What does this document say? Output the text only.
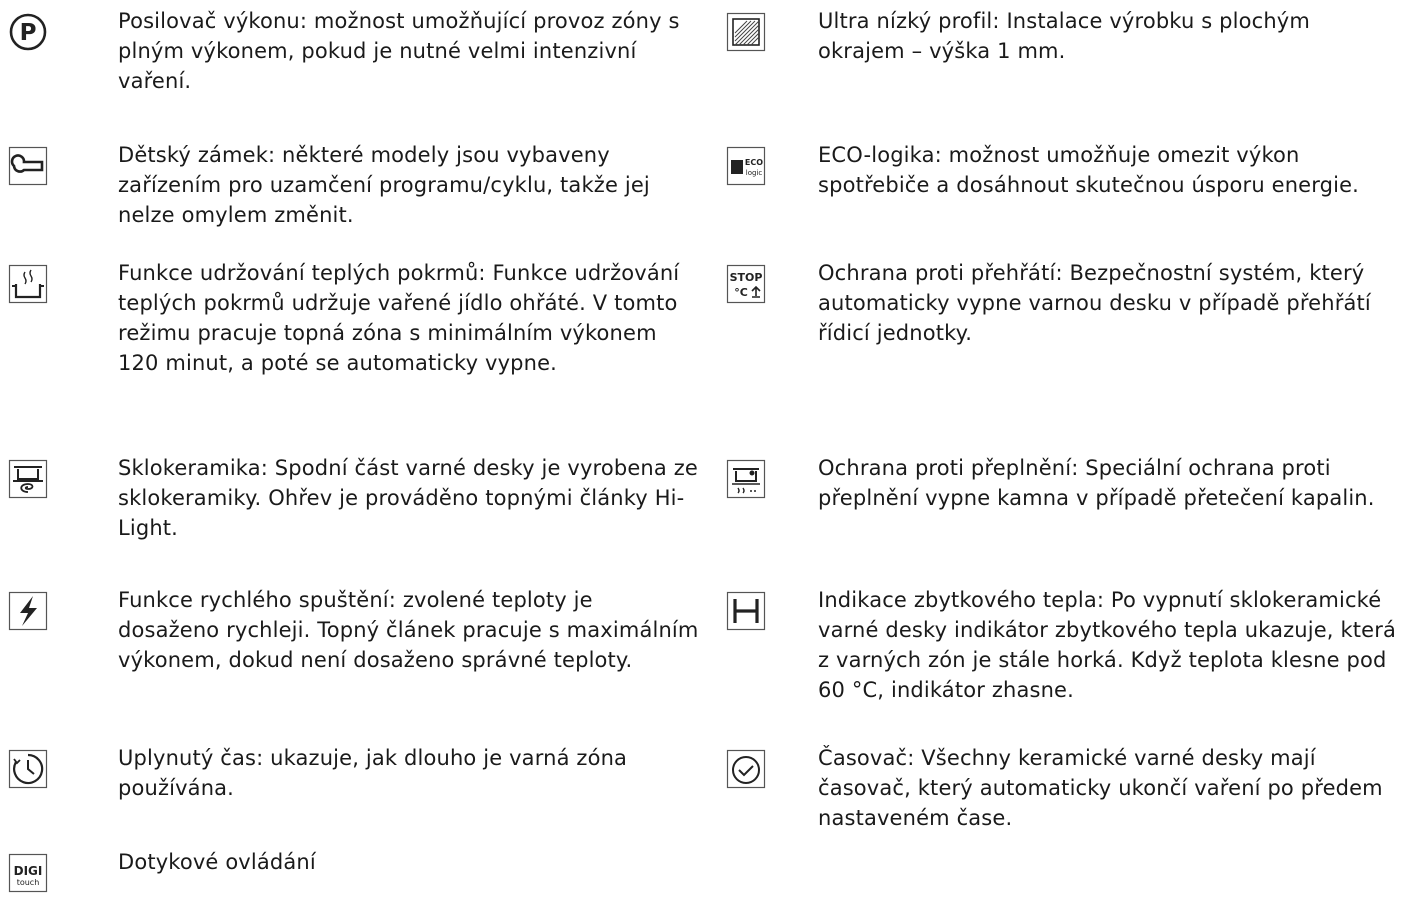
P	Posilovač výkonu: možnost umožňující provoz zóny s plným výkonem, pokud je nutné velmi intenzivní vaření.
Dětský zámek: některé modely jsou vybaveny zařízením pro uzamčení programu/cyklu, takže jej nelze omylem změnit.
Funkce udržování teplých pokrmů: Funkce udržování teplých pokrmů udržuje vařené jídlo ohřáté. V tomto režimu pracuje topná zóna s minimálním výkonem 120 minut, a poté se automaticky vypne.
Sklokeramika: Spodní část varné desky je vyrobena ze sklokeramiky. Ohřev je prováděno topnými články Hi-Light.
Funkce rychlého spuštění: zvolené teploty je dosaženo rychleji. Topný článek pracuje s maximálním výkonem, dokud není dosaženo správné teploty.
Uplynutý čas: ukazuje, jak dlouho je varná zóna používána.
DIGI
touch
Dotykové ovládání
Ultra nízký profil: Instalace výrobku s plochým okrajem – výška 1 mm.
ECO
logic
ECO-logika: možnost umožňuje omezit výkon spotřebiče a dosáhnout skutečnou úsporu energie.
STOP
°C
Ochrana proti přehřátí: Bezpečnostní systém, který automaticky vypne varnou desku v případě přehřátí řídicí jednotky.
Ochrana proti přeplnění: Speciální ochrana proti přeplnění vypne kamna v případě přetečení kapalin.
Indikace zbytkového tepla: Po vypnutí sklokeramické varné desky indikátor zbytkového tepla ukazuje, která z varných zón je stále horká. Když teplota klesne pod 60 °C, indikátor zhasne.
Časovač: Všechny keramické varné desky mají časovač, který automaticky ukončí vaření po předem nastaveném čase.
